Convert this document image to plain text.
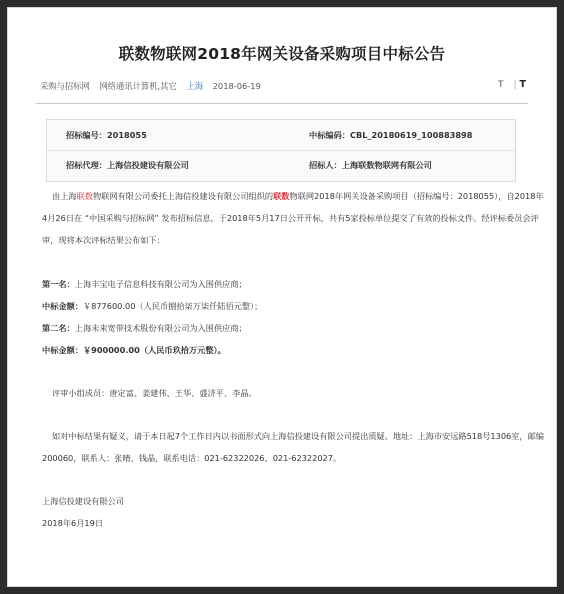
联数物联网2018年网关设备采购项目中标公告
采购与招标网 网络通讯计算机,其它 上海 2018-06-19	T | T
招标编号：2018055	中标编码：CBL_20180619_100883898
招标代理：上海信投建设有限公司	招标人：上海联数物联网有限公司
由上海联数物联网有限公司委托上海信投建设有限公司组织的联数物联网2018年网关设备采购项目（招标编号：2018055），自2018年
4月26日在 “中国采购与招标网” 发布招标信息，于2018年5月17日公开开标，共有5家投标单位提交了有效的投标文件。经评标委员会评
审，现将本次评标结果公布如下：
第一名：上海丰宝电子信息科技有限公司为入围供应商；
中标金额：￥877600.00（人民币捌拾柒万柒仟陆佰元整）；
第二名：上海未来宽带技术股份有限公司为入围供应商；
中标金额：￥900000.00（人民币玖拾万元整）。
评审小组成员：唐定富、姜建伟、王华、盛济平、李晶。
如对中标结果有疑义，请于本日起7个工作日内以书面形式向上海信投建设有限公司提出质疑。地址：上海市安远路518号1306室，邮编
200060，联系人：张晴、钱晶，联系电话：021-62322026、021-62322027。
上海信投建设有限公司
2018年6月19日
